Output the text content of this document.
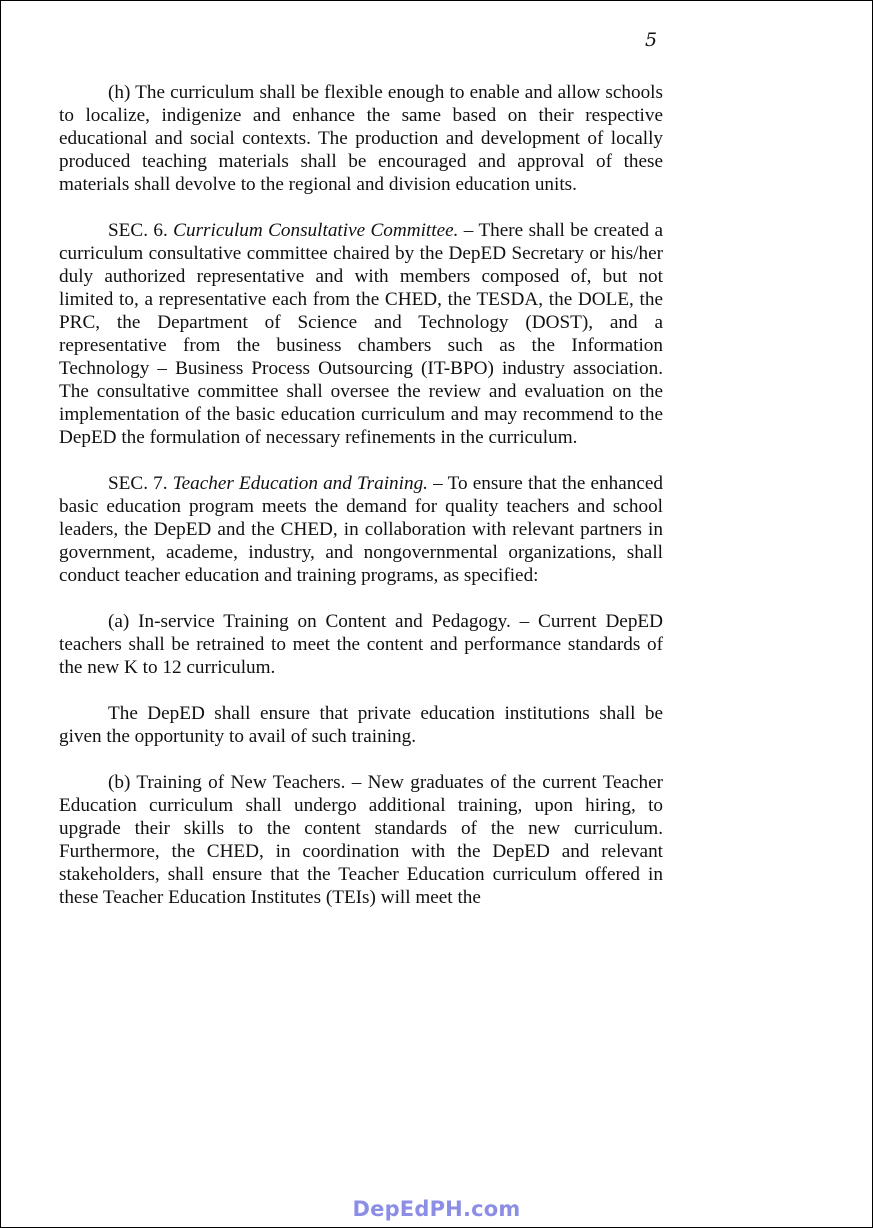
5

(h) The curriculum shall be flexible enough to enable and allow schools to localize, indigenize and enhance the same based on their respective educational and social contexts. The production and development of locally produced teaching materials shall be encouraged and approval of these materials shall devolve to the regional and division education units.

SEC. 6. Curriculum Consultative Committee. – There shall be created a curriculum consultative committee chaired by the DepED Secretary or his/her duly authorized representative and with members composed of, but not limited to, a representative each from the CHED, the TESDA, the DOLE, the PRC, the Department of Science and Technology (DOST), and a representative from the business chambers such as the Information Technology – Business Process Outsourcing (IT-BPO) industry association. The consultative committee shall oversee the review and evaluation on the implementation of the basic education curriculum and may recommend to the DepED the formulation of necessary refinements in the curriculum.

SEC. 7. Teacher Education and Training. – To ensure that the enhanced basic education program meets the demand for quality teachers and school leaders, the DepED and the CHED, in collaboration with relevant partners in government, academe, industry, and nongovernmental organizations, shall conduct teacher education and training programs, as specified:

(a) In-service Training on Content and Pedagogy. – Current DepED teachers shall be retrained to meet the content and performance standards of the new K to 12 curriculum.

The DepED shall ensure that private education institutions shall be given the opportunity to avail of such training.

(b) Training of New Teachers. – New graduates of the current Teacher Education curriculum shall undergo additional training, upon hiring, to upgrade their skills to the content standards of the new curriculum. Furthermore, the CHED, in coordination with the DepED and relevant stakeholders, shall ensure that the Teacher Education curriculum offered in these Teacher Education Institutes (TEIs) will meet the

DepEdPH.com
